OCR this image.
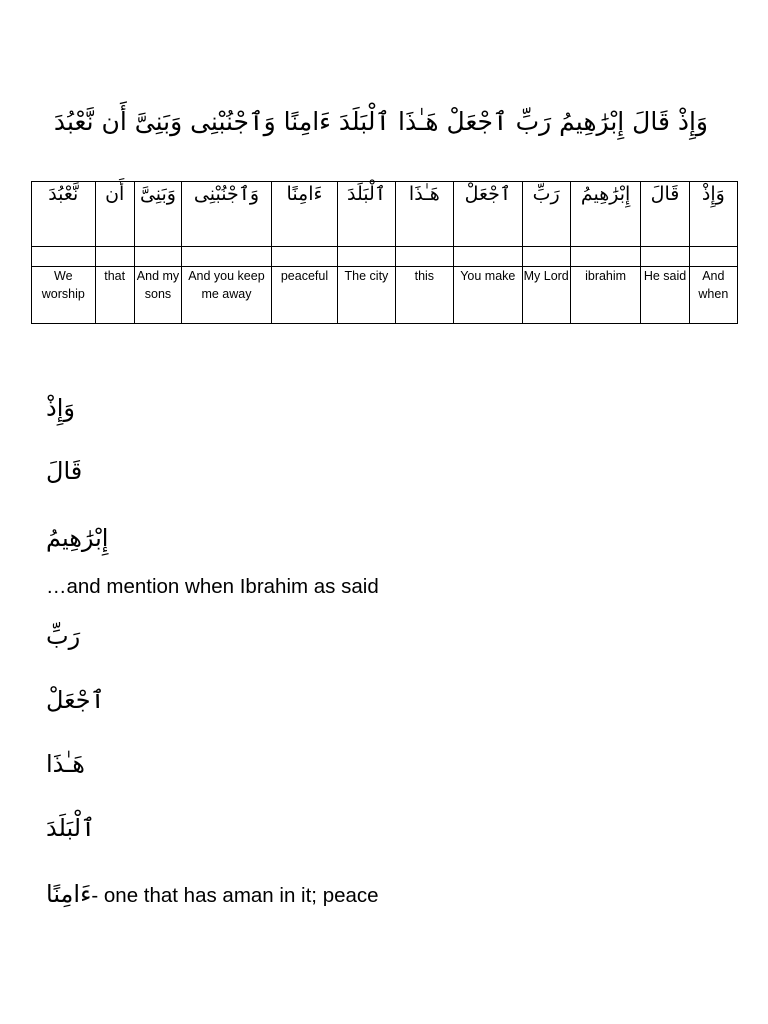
وَإِذْ قَالَ إِبْرَٰهِيمُ رَبِّ ٱجْعَلْ هَـٰذَا ٱلْبَلَدَ ءَامِنًا وَٱجْنُبْنِى وَبَنِىَّ أَن نَّعْبُدَ
وَإِذْ	قَالَ	إِبْرَٰهِيمُ	رَبِّ	ٱجْعَلْ	هَـٰذَا	ٱلْبَلَدَ	ءَامِنًا	وَٱجْنُبْنِى	وَبَنِىَّ	أَن	نَّعْبُدَ

And when	He said	ibrahim	My Lord	You make	this	The city	peaceful	And you keep me away	And my sons	that	We worship
وَإِذْ
قَالَ
إِبْرَٰهِيمُ
…and mention when Ibrahim as said
رَبِّ
ٱجْعَلْ
هَـٰذَا
ٱلْبَلَدَ
ءَامِنًا- one that has aman in it; peace
